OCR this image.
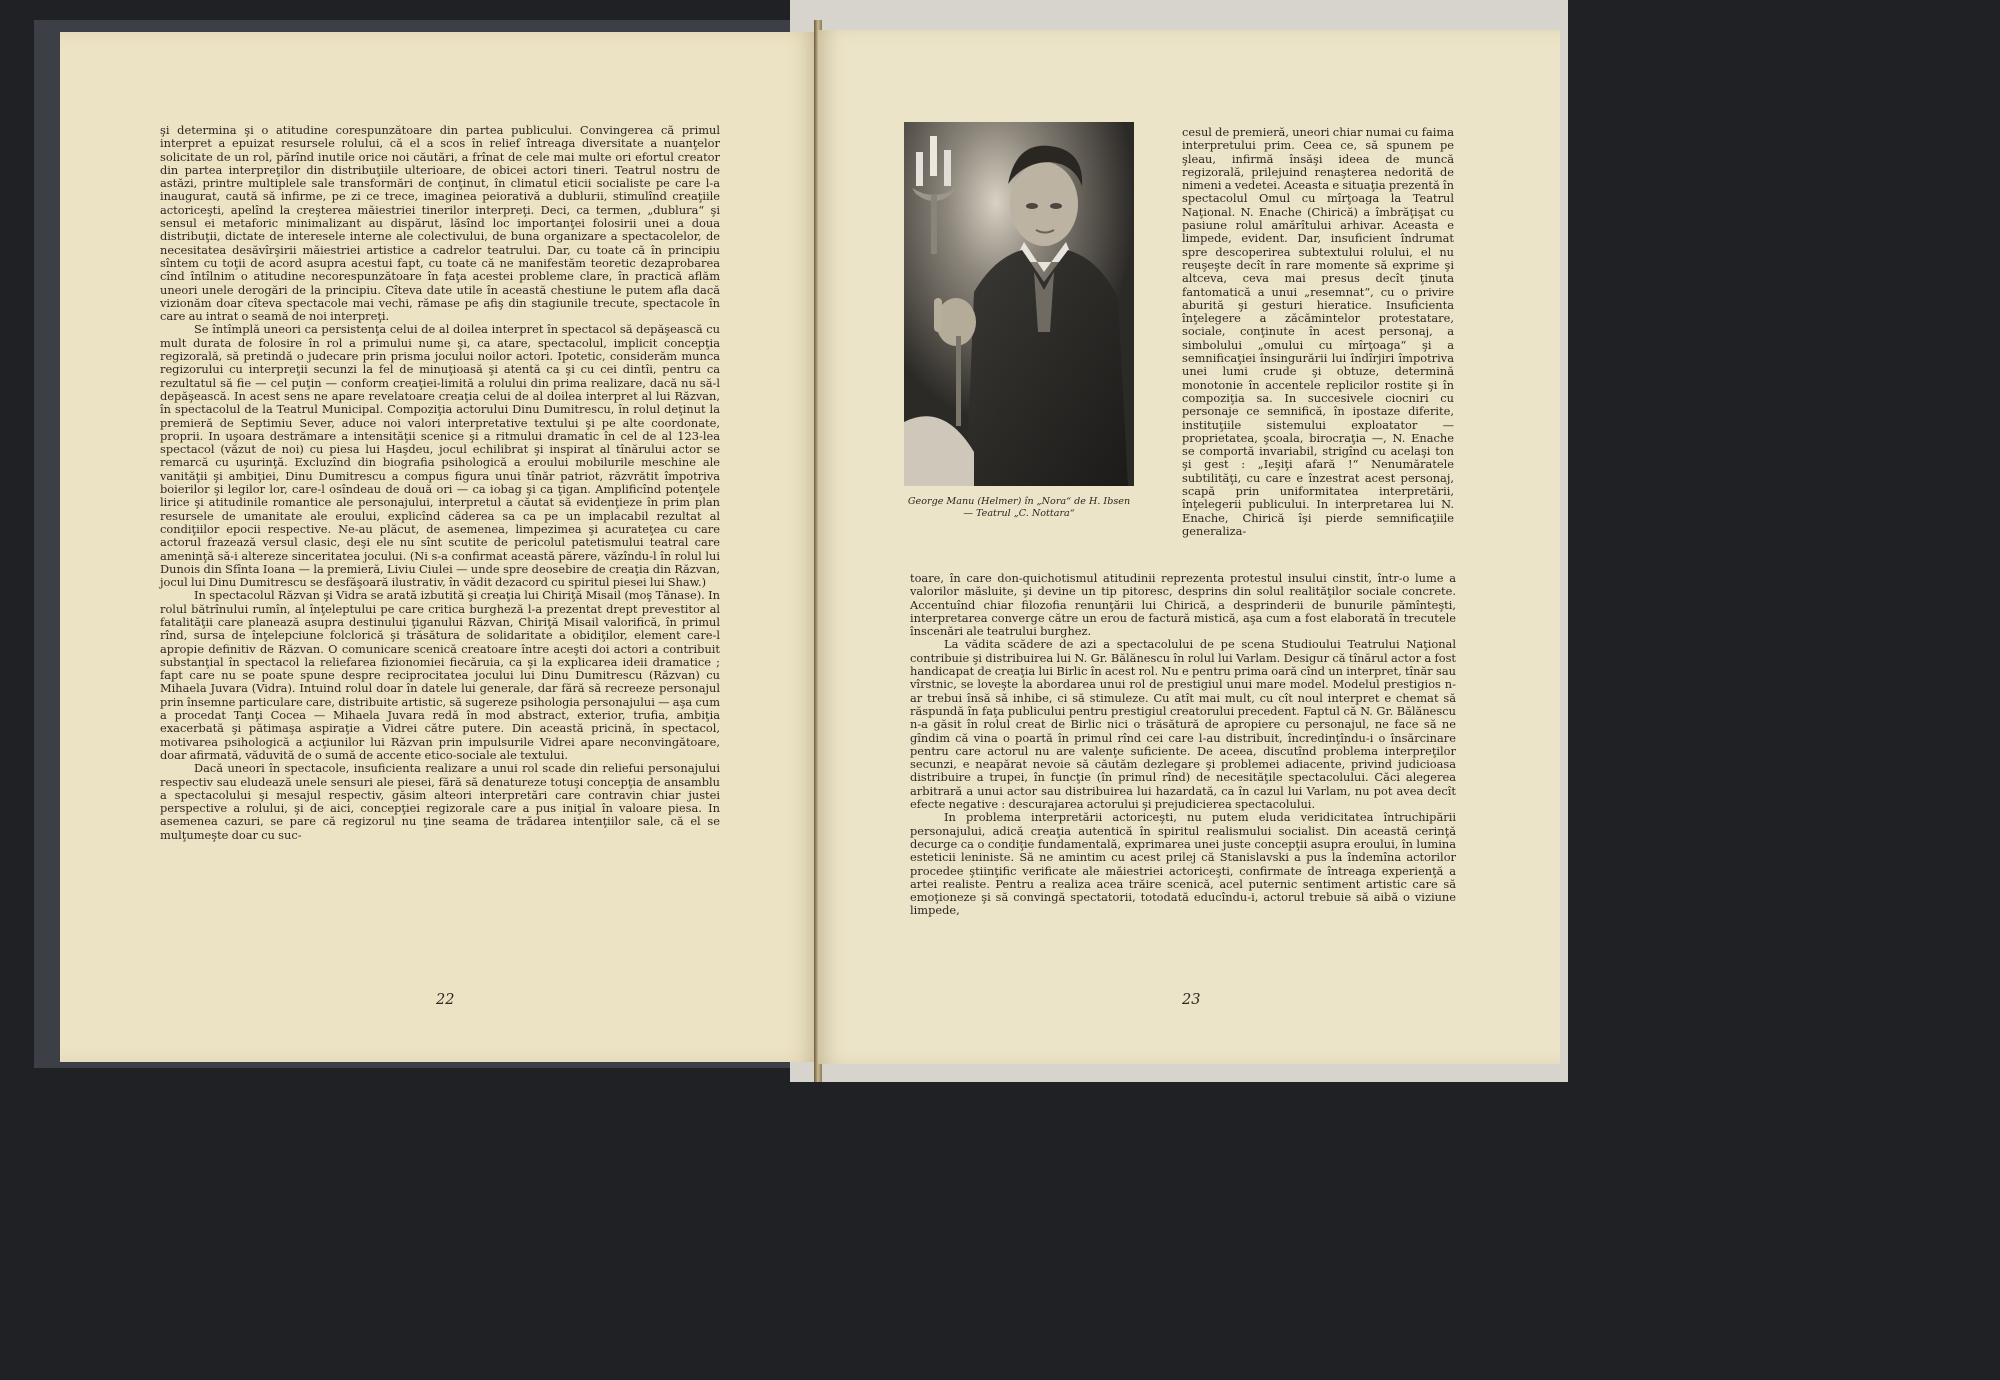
şi determina şi o atitudine corespunzătoare din partea publicului. Convingerea că primul interpret a epuizat resursele rolului, că el a scos în relief întreaga diversitate a nuanţelor solicitate de un rol, părînd inutile orice noi căutări, a frînat de cele mai multe ori efortul creator din partea interpreţilor din distribuţiile ulterioare, de obicei actori tineri. Teatrul nostru de astăzi, printre multiplele sale transformări de conţinut, în climatul eticii socialiste pe care l-a inaugurat, caută să infirme, pe zi ce trece, imaginea peiorativă a dublurii, stimulînd creaţiile actoriceşti, apelînd la creşterea măiestriei tinerilor interpreţi. Deci, ca termen, „dublura“ şi sensul ei metaforic minimalizant au dispărut, lăsînd loc importanţei folosirii unei a doua distribuţii, dictate de interesele interne ale colectivului, de buna organizare a spectacolelor, de necesitatea desăvîrşirii măiestriei artistice a cadrelor teatrului. Dar, cu toate că în principiu sîntem cu toţii de acord asupra acestui fapt, cu toate că ne manifestăm teoretic dezaprobarea cînd întîlnim o atitudine necorespunzătoare în faţa acestei probleme clare, în practică aflăm uneori unele derogări de la principiu. Cîteva date utile în această chestiune le putem afla dacă vizionăm doar cîteva spectacole mai vechi, rămase pe afiş din stagiunile trecute, spectacole în care au intrat o seamă de noi interpreţi.

Se întîmplă uneori ca persistenţa celui de al doilea interpret în spectacol să depăşească cu mult durata de folosire în rol a primului nume şi, ca atare, spectacolul, implicit concepţia regizorală, să pretindă o judecare prin prisma jocului noilor actori. Ipotetic, considerăm munca regizorului cu interpreţii secunzi la fel de minuţioasă şi atentă ca şi cu cei dintîi, pentru ca rezultatul să fie — cel puţin — conform creaţiei-limită a rolului din prima realizare, dacă nu să-l depăşească. In acest sens ne apare revelatoare creaţia celui de al doilea interpret al lui Răzvan, în spectacolul de la Teatrul Municipal. Compoziţia actorului Dinu Dumitrescu, în rolul deţinut la premieră de Septimiu Sever, aduce noi valori interpretative textului şi pe alte coordonate, proprii. In uşoara destrămare a intensităţii scenice şi a ritmului dramatic în cel de al 123-lea spectacol (văzut de noi) cu piesa lui Haşdeu, jocul echilibrat şi inspirat al tînărului actor se remarcă cu uşurinţă. Excluzînd din biografia psihologică a eroului mobilurile meschine ale vanităţii şi ambiţiei, Dinu Dumitrescu a compus figura unui tînăr patriot, răzvrătit împotriva boierilor şi legilor lor, care-l osîndeau de două ori — ca iobag şi ca ţigan. Amplificînd potenţele lirice şi atitudinile romantice ale personajului, interpretul a căutat să evidenţieze în prim plan resursele de umanitate ale eroului, explicînd căderea sa ca pe un implacabil rezultat al condiţiilor epocii respective. Ne-au plăcut, de asemenea, limpezimea şi acurateţea cu care actorul frazează versul clasic, deşi ele nu sînt scutite de pericolul patetismului teatral care ameninţă să-i altereze sinceritatea jocului. (Ni s-a confirmat această părere, văzîndu-l în rolul lui Dunois din Sfînta Ioana — la premieră, Liviu Ciulei — unde spre deosebire de creaţia din Răzvan, jocul lui Dinu Dumitrescu se desfăşoară ilustrativ, în vădit dezacord cu spiritul piesei lui Shaw.)

In spectacolul Răzvan şi Vidra se arată izbutită şi creaţia lui Chiriţă Misail (moş Tănase). In rolul bătrînului rumîn, al înţeleptului pe care critica burgheză l-a prezentat drept prevestitor al fatalităţii care planează asupra destinului ţiganului Răzvan, Chiriţă Misail valorifică, în primul rînd, sursa de înţelepciune folclorică şi trăsătura de solidaritate a obidiţilor, element care-l apropie definitiv de Răzvan. O comunicare scenică creatoare între aceşti doi actori a contribuit substanţial în spectacol la reliefarea fizionomiei fiecăruia, ca şi la explicarea ideii dramatice ; fapt care nu se poate spune despre reciprocitatea jocului lui Dinu Dumitrescu (Răzvan) cu Mihaela Juvara (Vidra). Intuind rolul doar în datele lui generale, dar fără să recreeze personajul prin însemne particulare care, distribuite artistic, să sugereze psihologia personajului — aşa cum a procedat Tanţi Cocea — Mihaela Juvara redă în mod abstract, exterior, trufia, ambiţia exacerbată şi pătimaşa aspiraţie a Vidrei către putere. Din această pricină, în spectacol, motivarea psihologică a acţiunilor lui Răzvan prin impulsurile Vidrei apare neconvingătoare, doar afirmată, văduvită de o sumă de accente etico-sociale ale textului.

Dacă uneori în spectacole, insuficienta realizare a unui rol scade din reliefui personajului respectiv sau eludează unele sensuri ale piesei, fără să denatureze totuşi concepţia de ansamblu a spectacolului şi mesajul respectiv, găsim alteori interpretări care contravin chiar justei perspective a rolului, şi de aici, concepţiei regizorale care a pus iniţial în valoare piesa. In asemenea cazuri, se pare că regizorul nu ţine seama de trădarea intenţiilor sale, că el se mulţumeşte doar cu suc-

22
George Manu (Helmer) în „Nora“ de H. Ibsen — Teatrul „C. Nottara“
cesul de premieră, uneori chiar numai cu faima interpretului prim. Ceea ce, să spunem pe şleau, infirmă însăşi ideea de muncă regizorală, prilejuind renaşterea nedorită de nimeni a vedetei. Aceasta e situaţia prezentă în spectacolul Omul cu mîrţoaga la Teatrul Naţional. N. Enache (Chirică) a îmbrăţişat cu pasiune rolul amărîtului arhivar. Aceasta e limpede, evident. Dar, insuficient îndrumat spre descoperirea subtextului rolului, el nu reuşeşte decît în rare momente să exprime şi altceva, ceva mai presus decît ţinuta fantomatică a unui „resemnat“, cu o privire aburită şi gesturi hieratice. Insuficienta înţelegere a zăcămintelor protestatare, sociale, conţinute în acest personaj, a simbolului „omului cu mîrţoaga“ şi a semnificaţiei însingurării lui îndîrjiri împotriva unei lumi crude şi obtuze, determină monotonie în accentele replicilor rostite şi în compoziţia sa. In succesivele ciocniri cu personaje ce semnifică, în ipostaze diferite, instituţiile sistemului exploatator — proprietatea, şcoala, birocraţia —, N. Enache se comportă invariabil, strigînd cu acelaşi ton şi gest : „Ieşiţi afară !“ Nenumăratele subtilităţi, cu care e înzestrat acest personaj, scapă prin uniformitatea interpretării, înţelegerii publicului. In interpretarea lui N. Enache, Chirică îşi pierde semnificaţiile generaliza-

toare, în care don-quichotismul atitudinii reprezenta protestul insului cinstit, într-o lume a valorilor măsluite, şi devine un tip pitoresc, desprins din solul realităţilor sociale concrete. Accentuînd chiar filozofia renunţării lui Chirică, a desprinderii de bunurile pămînteşti, interpretarea converge către un erou de factură mistică, aşa cum a fost elaborată în trecutele înscenări ale teatrului burghez.

La vădita scădere de azi a spectacolului de pe scena Studioului Teatrului Naţional contribuie şi distribuirea lui N. Gr. Bălănescu în rolul lui Varlam. Desigur că tînărul actor a fost handicapat de creaţia lui Birlic în acest rol. Nu e pentru prima oară cînd un interpret, tînăr sau vîrstnic, se loveşte la abordarea unui rol de prestigiul unui mare model. Modelul prestigios n-ar trebui însă să inhibe, ci să stimuleze. Cu atît mai mult, cu cît noul interpret e chemat să răspundă în faţa publicului pentru prestigiul creatorului precedent. Faptul că N. Gr. Bălănescu n-a găsit în rolul creat de Birlic nici o trăsătură de apropiere cu personajul, ne face să ne gîndim că vina o poartă în primul rînd cei care l-au distribuit, încredinţîndu-i o însărcinare pentru care actorul nu are valenţe suficiente. De aceea, discutînd problema interpreţilor secunzi, e neapărat nevoie să căutăm dezlegare şi problemei adiacente, privind judicioasa distribuire a trupei, în funcţie (în primul rînd) de necesităţile spectacolului. Căci alegerea arbitrară a unui actor sau distribuirea lui hazardată, ca în cazul lui Varlam, nu pot avea decît efecte negative : descurajarea actorului şi prejudicierea spectacolului.

In problema interpretării actoriceşti, nu putem eluda veridicitatea întruchipării personajului, adică creaţia autentică în spiritul realismului socialist. Din această cerinţă decurge ca o condiţie fundamentală, exprimarea unei juste concepţii asupra eroului, în lumina esteticii leniniste. Să ne amintim cu acest prilej că Stanislavski a pus la îndemîna actorilor procedee ştiinţific verificate ale măiestriei actoriceşti, confirmate de întreaga experienţă a artei realiste. Pentru a realiza acea trăire scenică, acel puternic sentiment artistic care să emoţioneze şi să convingă spectatorii, totodată educîndu-i, actorul trebuie să aibă o viziune limpede,

23
